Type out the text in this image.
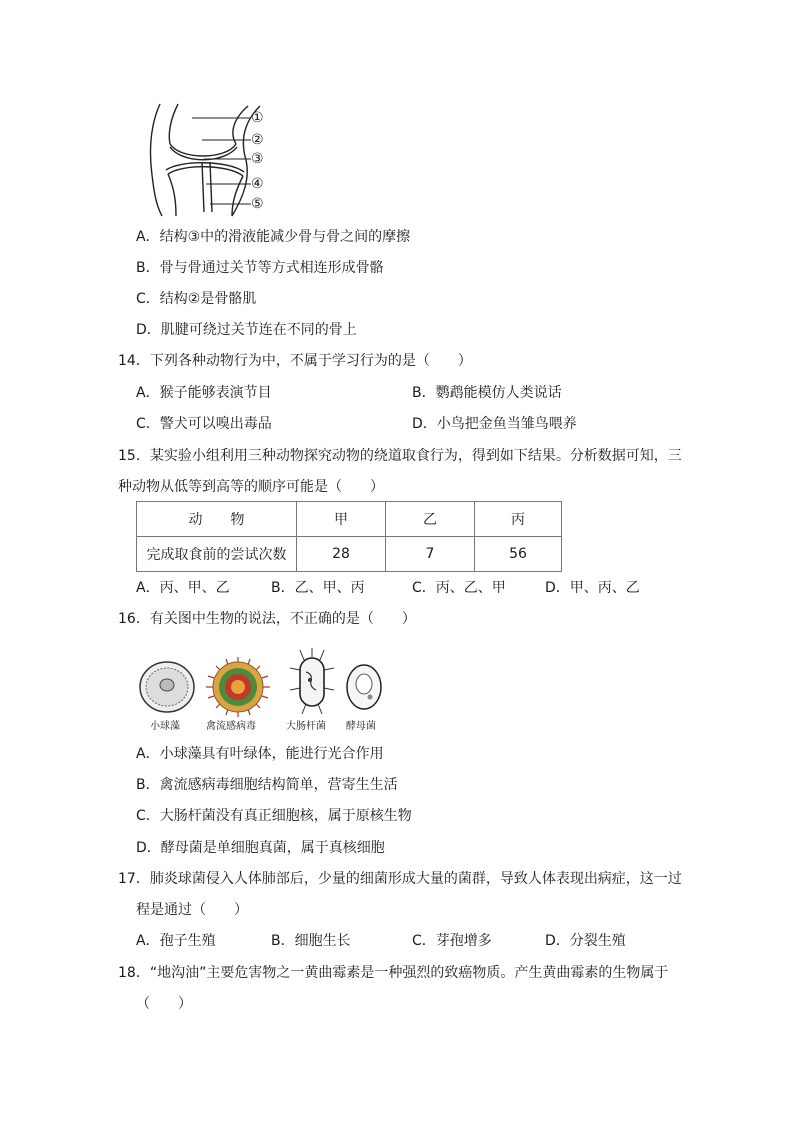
①
②
③
④
⑤
A．结构③中的滑液能减少骨与骨之间的摩擦
B．骨与骨通过关节等方式相连形成骨骼
C．结构②是骨骼肌
D．肌腱可绕过关节连在不同的骨上
14．下列各种动物行为中，不属于学习行为的是（　　）
A．猴子能够表演节目	B．鹦鹉能模仿人类说话
C．警犬可以嗅出毒品	D．小鸟把金鱼当雏鸟喂养
15．某实验小组利用三种动物探究动物的绕道取食行为，得到如下结果。分析数据可知，三
种动物从低等到高等的顺序可能是（　　）
动　　物	甲	乙	丙
完成取食前的尝试次数	28	7	56
A．丙、甲、乙	B．乙、甲、丙	C．丙、乙、甲	D．甲、丙、乙
16．有关图中生物的说法，不正确的是（　　）
小球藻	禽流感病毒	大肠杆菌 酵母菌
A．小球藻具有叶绿体，能进行光合作用
B．禽流感病毒细胞结构简单，营寄生生活
C．大肠杆菌没有真正细胞核，属于原核生物
D．酵母菌是单细胞真菌，属于真核细胞
17．肺炎球菌侵入人体肺部后，少量的细菌形成大量的菌群，导致人体表现出病症，这一过
程是通过（　　）
A．孢子生殖	B．细胞生长	C．芽孢增多	D．分裂生殖
18．“地沟油”主要危害物之一黄曲霉素是一种强烈的致癌物质。产生黄曲霉素的生物属于
（　　）
